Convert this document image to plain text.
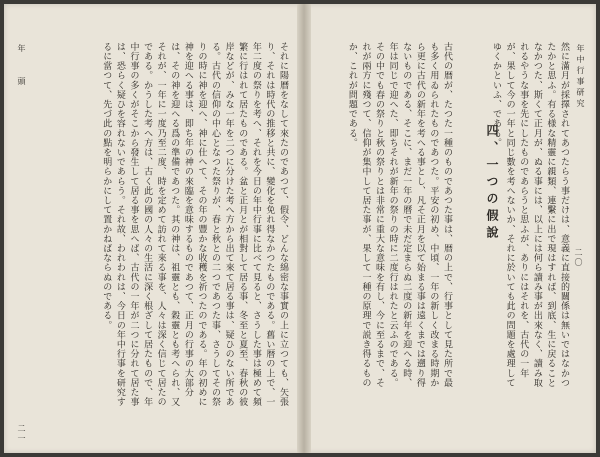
年　　頭	それに陽曆をなして來たのであつて、假令、どんな綿密な事實の上に立つても、矢張り、それは時代の推移と共に、變化を免れ得なかつたものである。舊い暦の上で、一年二度の祭りを考へ、それを今日の年中行事に比べて見ると、さうした事は極めて頻繁に行はれて居たものである。盆と正月とが相對して居る事、冬至と夏至、春秋の彼岸などが、みな一年を二つに分けた考へ方から出て來て居る事は、疑ひのない所である。古代の信仰の中心となつた祭りが、春と秋との二つであつた事、さうしてその祭りの時に神を迎へ、神に仕へて、その年の豐かな收穫を祈つたのである。年の初めに神を迎へる事は、即ち年の神の來臨を意味するものであつて、正月の行事の大部分は、その神を迎へる爲の準備であつた。其の神は、祖靈とも、穀靈とも考へられ、又それが、一年に一度乃至二度、時を定めて訪れて來る事を、人々は深く信じて居たのである。かうした考へ方は、古く此の國の人々の生活に深く根ざして居たもので、年中行事の多くがそこから發生して居る事を思へば、古代の一年が二つに分れて居た事は、恐らく疑ひを容れないであらう。それ故、われわれは、今日の年中行事を研究するに當つて、先づ此の點を明らかにして置かねばならぬのである。

二一
年中行事研究

然に滿月が採擇されてあつたらう事だけは、意義に直接的關係は無いではなかつたかと思ふ。有る様な精靈に親類、連繫に出で現はすれば、到底、生に戻ることなかつた、斯くて正月が、ぬる事には、以上には何ら讀み事が出來なく、讀み取れるやうな事を先にしたものであらうと思ふが、ありにはそれを、古代の一年が、果して今の一年と同じ數を考へないか、それに於いても此の問題を處理してゆくかといふ、である。

四、一つの假說

古代の暦が、たつた一種のものであつた事は、暦の上で、行事として見た所で最も多く用ゐられたものであつた。平安の初め、中頃、一年の新しく改まる時期から更に古代の新年を考へる事とし、凡そ正月を以て始まる事は遠くまでは遡り得ないものである、そこに、まだ一年の曆で未だ定まらぬ二度の新年を迎へる時、年は同じで迎へた、即ちそれが新年の祭りの時に二度行はれたと云ふのである。その中でも春の祭りと秋の祭りとは非常に重大な意味を有し、今に至るまで、それが兩方に殘つて、信仰が集中して居た事が、果して一種の原理で説き得るものか、これが問題である。

二〇
